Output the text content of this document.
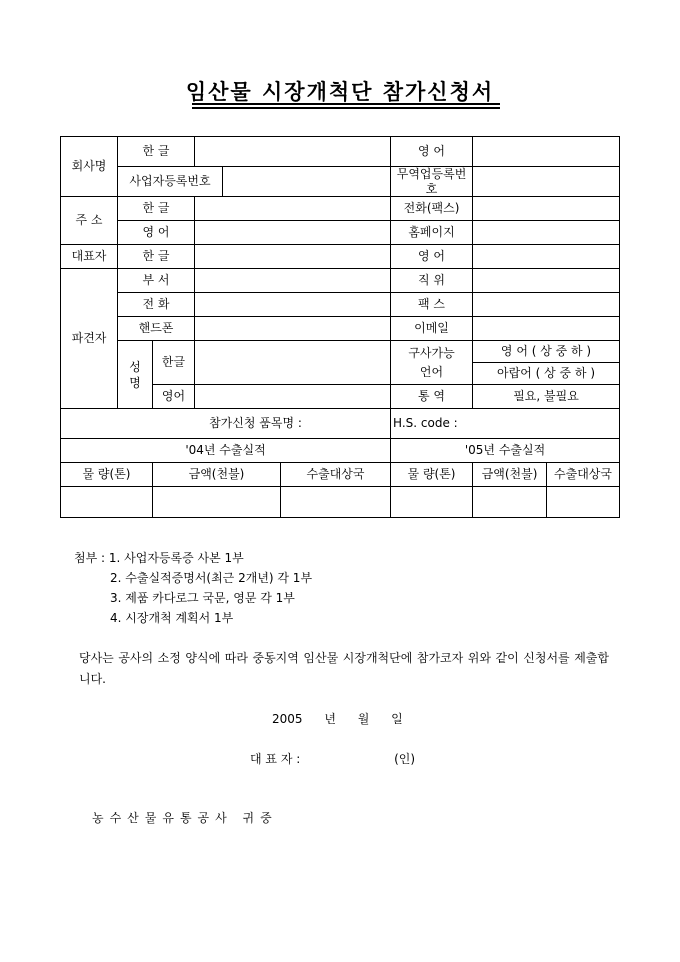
임산물 시장개척단 참가신청서
회사명	한 글					영 어		
	사업자등록번호					무역업등록번호		
주 소	한 글					전화(팩스)		
	영 어					홈페이지		
대표자	한 글					영 어		
파견자	부 서					직 위		
	전 화					팩 스		
	핸드폰					이메일		
	성 명	한글				구사가능 언어	영 어 ( 상 중 하 )	
							아랍어 ( 상 중 하 )	
		영어				통 역	필요, 불필요	
참가신청 품목명 :						H.S. code :		
'04년 수출실적						'05년 수출실적		
물 량(톤)		금액(천불)			수출대상국	물 량(톤)	금액(천불)	수출대상국

첨부 : 1. 사업자등록증 사본 1부
2. 수출실적증명서(최근 2개년) 각 1부
3. 제품 카다로그 국문, 영문 각 1부
4. 시장개척 계획서 1부
당사는 공사의 소정 양식에 따라 중동지역 임산물 시장개척단에 참가코자 위와 같이 신청서를 제출합니다.
2005 년 월 일
대 표 자 :	(인)
농수산물유통공사 귀중
